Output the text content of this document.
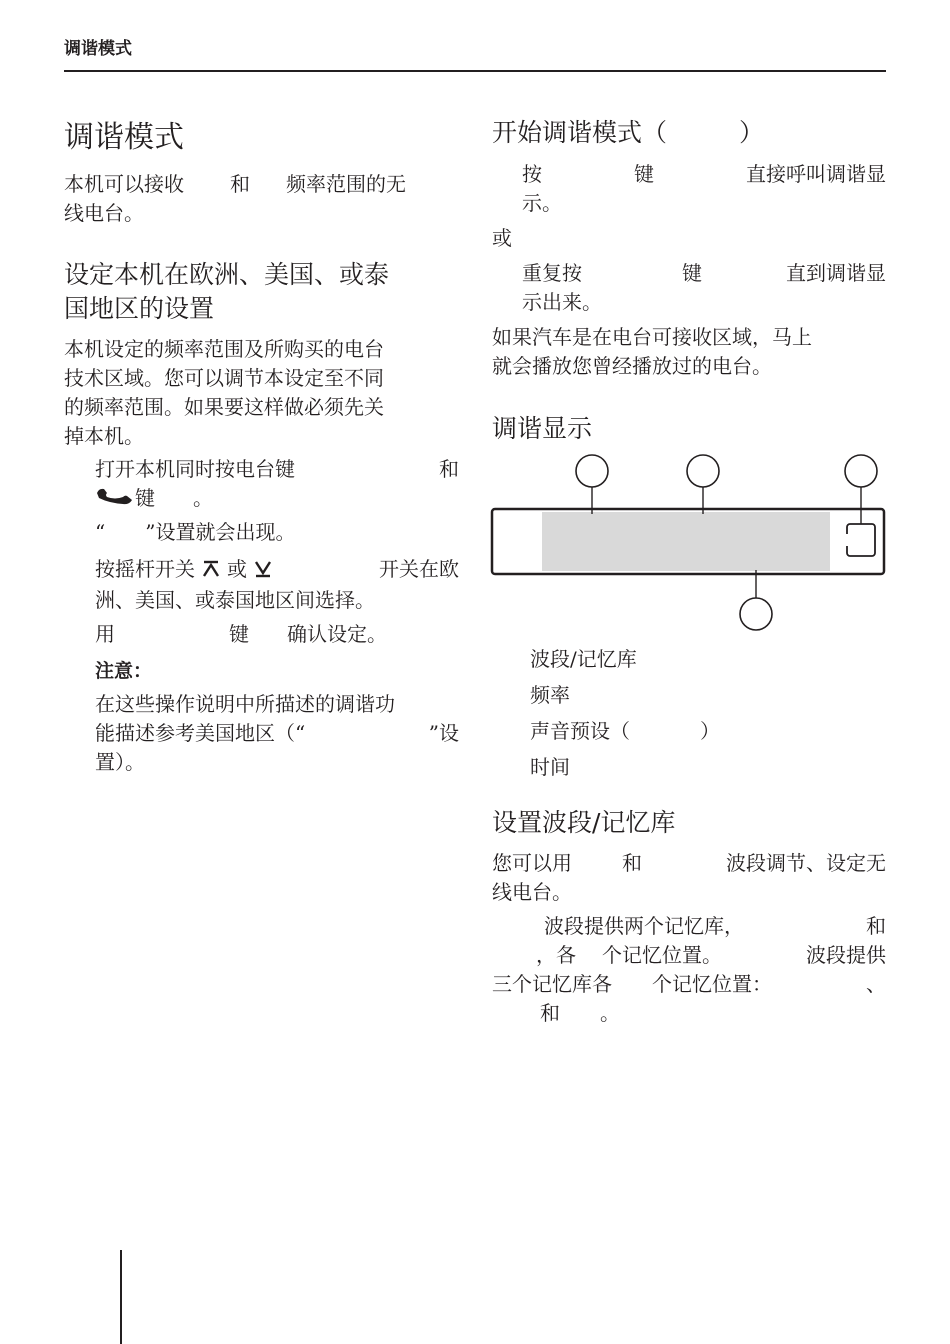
调谐模式
调谐模式
本机可以接收 和 频率范围的无
线电台。
设定本机在欧洲、美国、或泰
国地区的设置
本机设定的频率范围及所购买的电台
技术区域。您可以调节本设定至不同
的频率范围。如果要这样做必须先关
掉本机。
打开本机同时按电台键	和
键 。
“ ”设置就会出现。
按摇杆开关 或	开关在欧
洲、美国、或泰国地区间选择。
用	键 确认设定。
注意：
在这些操作说明中所描述的调谐功
能描述参考美国地区（“	”设
置）。
开始调谐模式（	）
按	键	直接呼叫调谐显
示。
或
重复按	键	直到调谐显
示出来。
如果汽车是在电台可接收区域，马上
就会播放您曾经播放过的电台。
调谐显示
波段/记忆库
频率
声音预设（	）
时间
设置波段/记忆库
您可以用	和	波段调节、设定无
线电台。
波段提供两个记忆库，	和
，各 个记忆位置。	波段提供
三个记忆库各 个记忆位置：	、
和 。
